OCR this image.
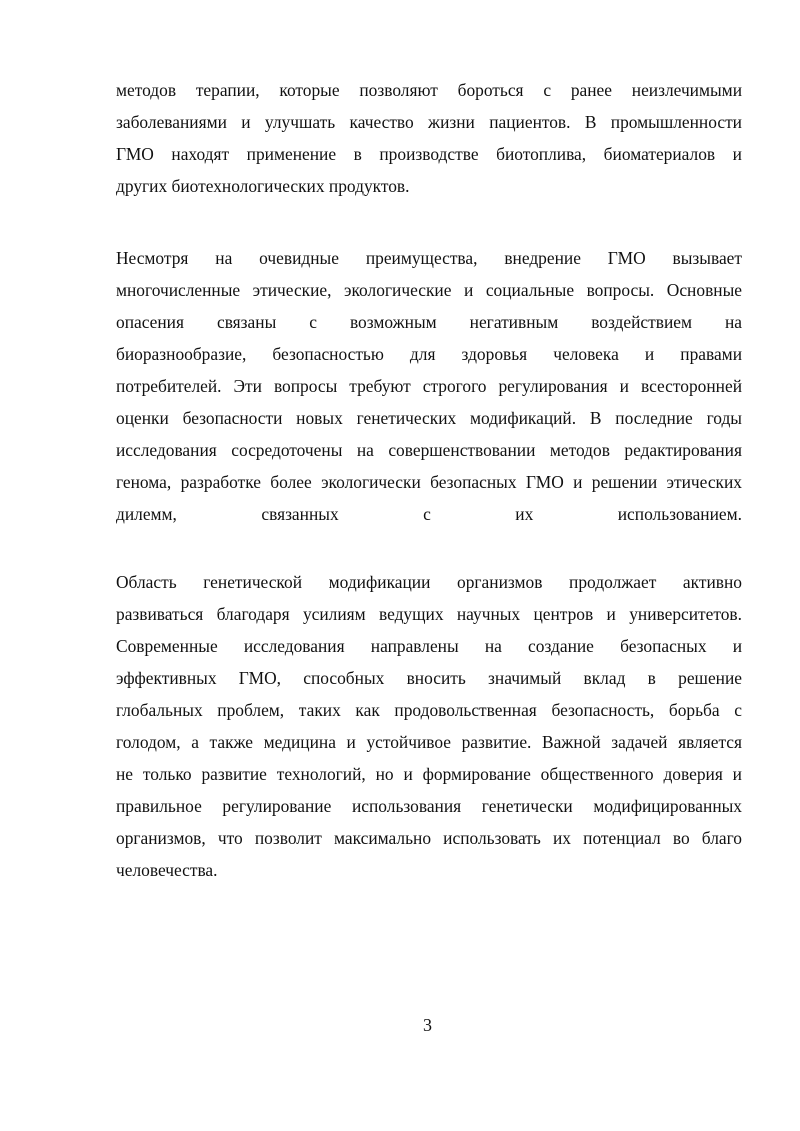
методов терапии, которые позволяют бороться с ранее неизлечимыми
заболеваниями и улучшать качество жизни пациентов. В промышленности
ГМО находят применение в производстве биотоплива, биоматериалов и
других биотехнологических продуктов.
Несмотря на очевидные преимущества, внедрение ГМО вызывает
многочисленные этические, экологические и социальные вопросы. Основные
опасения связаны с возможным негативным воздействием на
биоразнообразие, безопасностью для здоровья человека и правами
потребителей. Эти вопросы требуют строгого регулирования и всесторонней
оценки безопасности новых генетических модификаций. В последние годы
исследования сосредоточены на совершенствовании методов редактирования
генома, разработке более экологически безопасных ГМО и решении этических
дилемм, связанных с их использованием.
Область генетической модификации организмов продолжает активно
развиваться благодаря усилиям ведущих научных центров и университетов.
Современные исследования направлены на создание безопасных и
эффективных ГМО, способных вносить значимый вклад в решение
глобальных проблем, таких как продовольственная безопасность, борьба с
голодом, а также медицина и устойчивое развитие. Важной задачей является
не только развитие технологий, но и формирование общественного доверия и
правильное регулирование использования генетически модифицированных
организмов, что позволит максимально использовать их потенциал во благо
человечества.
3
